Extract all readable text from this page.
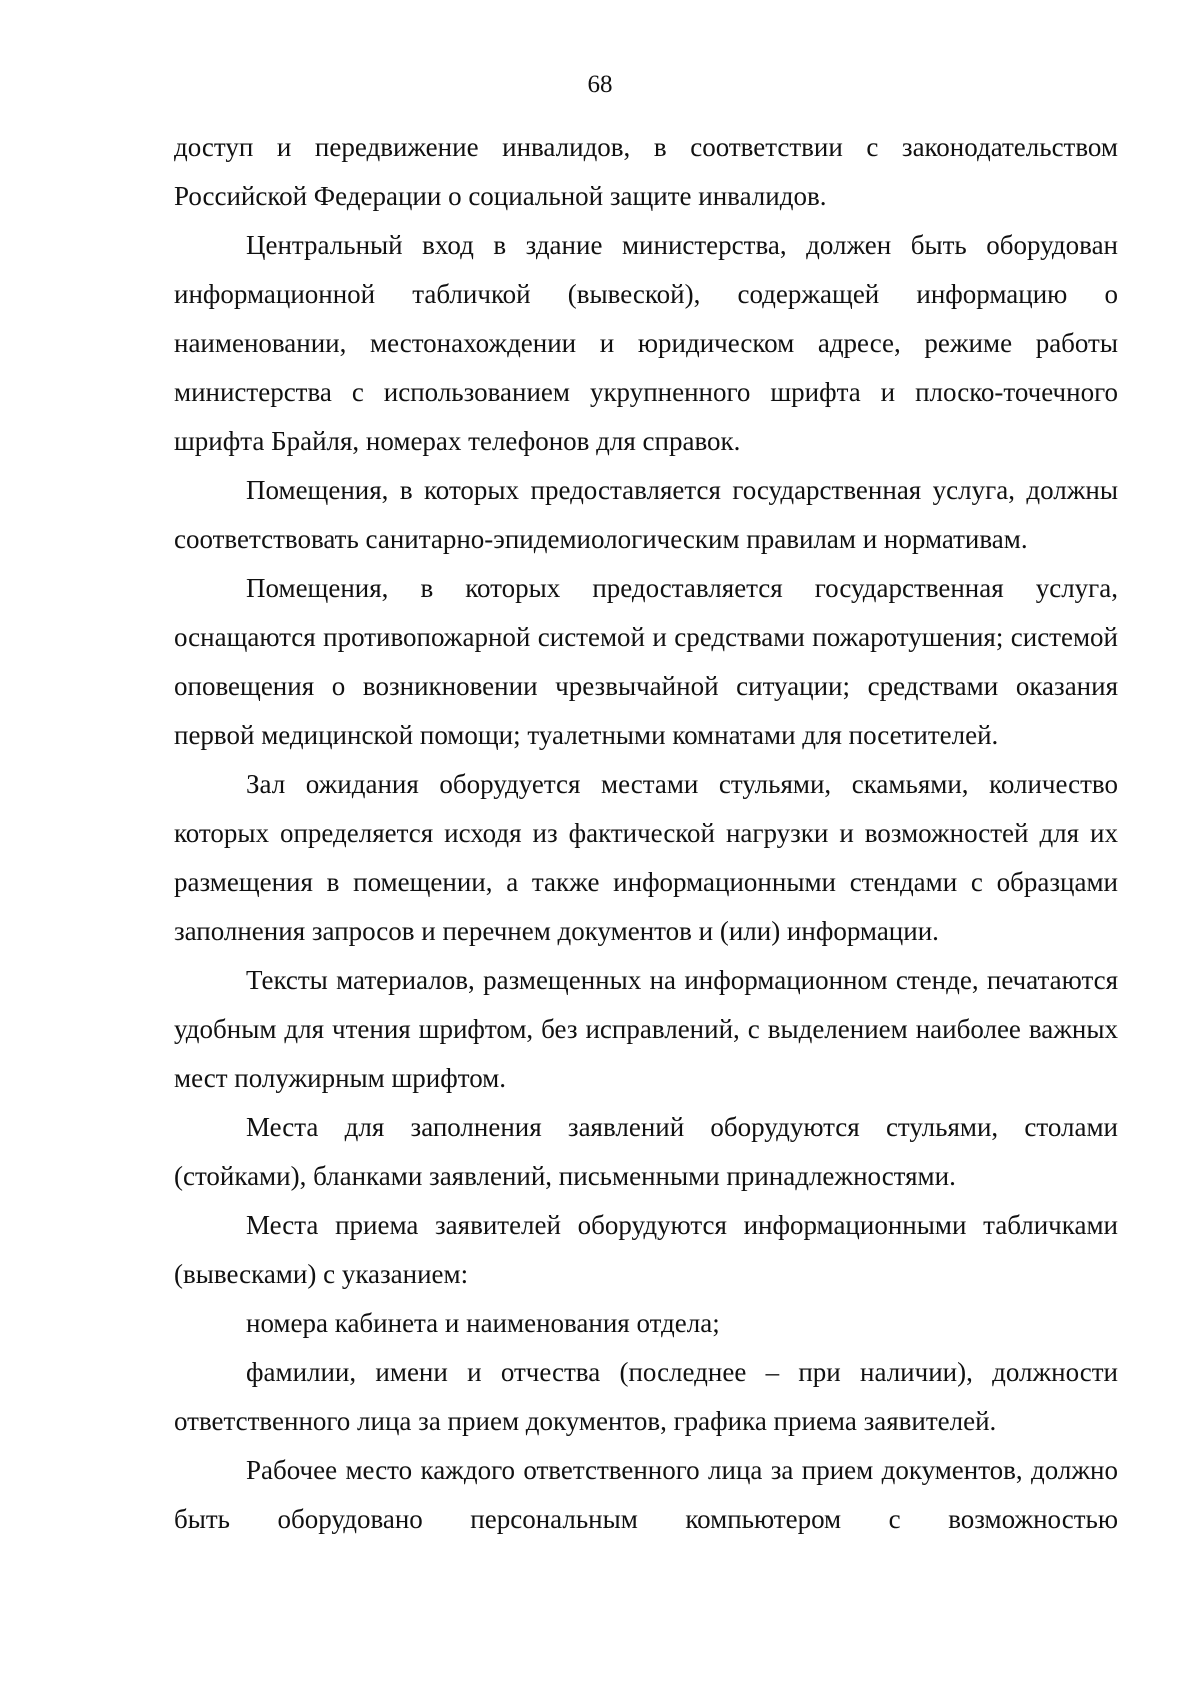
68

доступ и передвижение инвалидов, в соответствии с законодательством Российской Федерации о социальной защите инвалидов.

Центральный вход в здание министерства, должен быть оборудован информационной табличкой (вывеской), содержащей информацию о наименовании, местонахождении и юридическом адресе, режиме работы министерства с использованием укрупненного шрифта и плоско-точечного шрифта Брайля, номерах телефонов для справок.

Помещения, в которых предоставляется государственная услуга, должны соответствовать санитарно-эпидемиологическим правилам и нормативам.

Помещения, в которых предоставляется государственная услуга, оснащаются противопожарной системой и средствами пожаротушения; системой оповещения о возникновении чрезвычайной ситуации; средствами оказания первой медицинской помощи; туалетными комнатами для посетителей.

Зал ожидания оборудуется местами стульями, скамьями, количество которых определяется исходя из фактической нагрузки и возможностей для их размещения в помещении, а также информационными стендами с образцами заполнения запросов и перечнем документов и (или) информации.

Тексты материалов, размещенных на информационном стенде, печатаются удобным для чтения шрифтом, без исправлений, с выделением наиболее важных мест полужирным шрифтом.

Места для заполнения заявлений оборудуются стульями, столами (стойками), бланками заявлений, письменными принадлежностями.

Места приема заявителей оборудуются информационными табличками (вывесками) с указанием:

номера кабинета и наименования отдела;

фамилии, имени и отчества (последнее – при наличии), должности ответственного лица за прием документов, графика приема заявителей.

Рабочее место каждого ответственного лица за прием документов, должно быть оборудовано персональным компьютером с возможностью
